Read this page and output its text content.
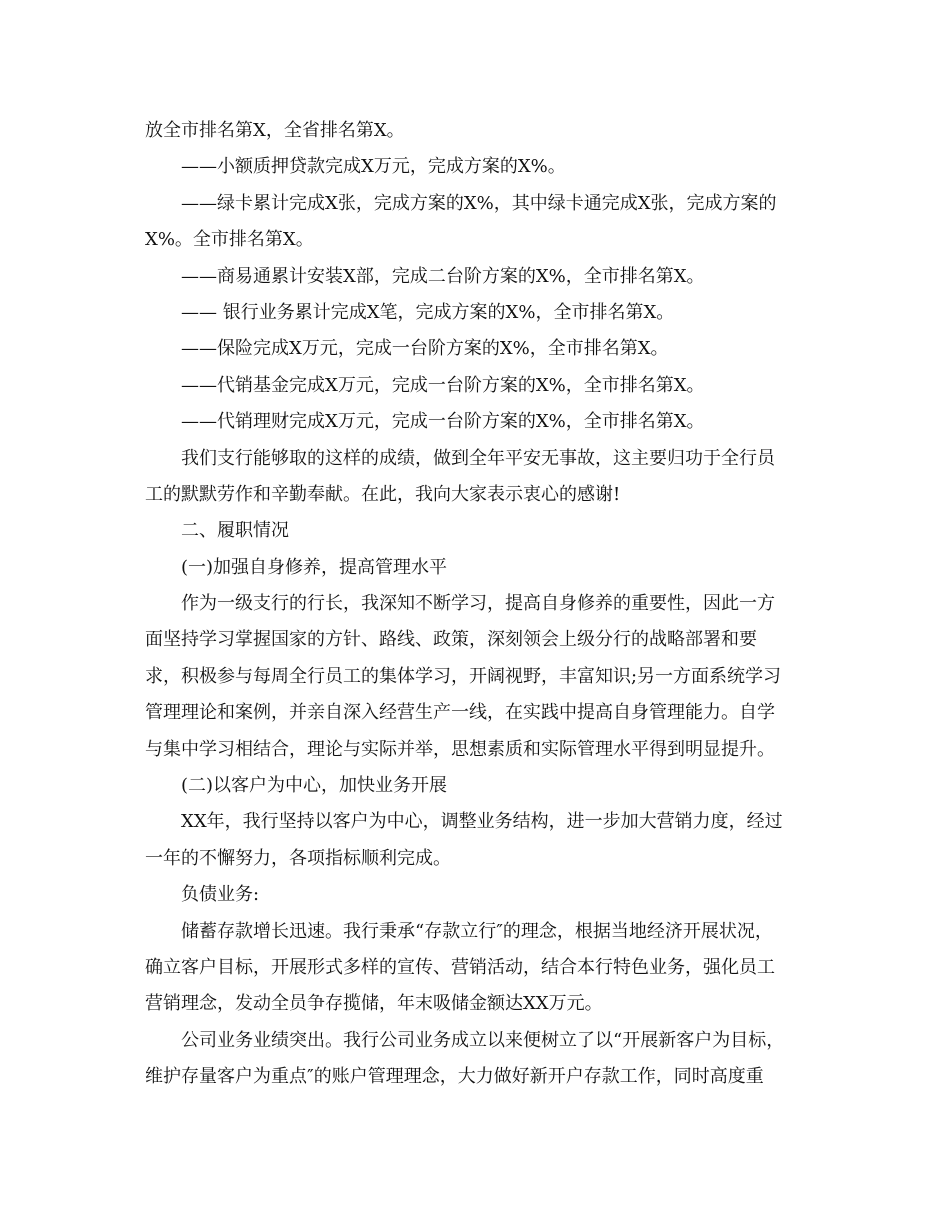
放全市排名第X，全省排名第X。
——小额质押贷款完成X万元，完成方案的X%。
——绿卡累计完成X张，完成方案的X%，其中绿卡通完成X张，完成方案的
X%。全市排名第X。
——商易通累计安装X部，完成二台阶方案的X%，全市排名第X。
—— 银行业务累计完成X笔，完成方案的X%，全市排名第X。
——保险完成X万元，完成一台阶方案的X%，全市排名第X。
——代销基金完成X万元，完成一台阶方案的X%，全市排名第X。
——代销理财完成X万元，完成一台阶方案的X%，全市排名第X。
我们支行能够取的这样的成绩，做到全年平安无事故，这主要归功于全行员
工的默默劳作和辛勤奉献。在此，我向大家表示衷心的感谢!
二、履职情况
(一)加强自身修养，提高管理水平
作为一级支行的行长，我深知不断学习，提高自身修养的重要性，因此一方
面坚持学习掌握国家的方针、路线、政策，深刻领会上级分行的战略部署和要
求，积极参与每周全行员工的集体学习，开阔视野，丰富知识;另一方面系统学习
管理理论和案例，并亲自深入经营生产一线，在实践中提高自身管理能力。自学
与集中学习相结合，理论与实际并举，思想素质和实际管理水平得到明显提升。
(二)以客户为中心，加快业务开展
XX年，我行坚持以客户为中心，调整业务结构，进一步加大营销力度，经过
一年的不懈努力，各项指标顺利完成。
负债业务:
储蓄存款增长迅速。我行秉承“存款立行″的理念，根据当地经济开展状况，
确立客户目标，开展形式多样的宣传、营销活动，结合本行特色业务，强化员工
营销理念，发动全员争存揽储，年末吸储金额达XX万元。
公司业务业绩突出。我行公司业务成立以来便树立了以“开展新客户为目标，
维护存量客户为重点″的账户管理理念，大力做好新开户存款工作，同时高度重
